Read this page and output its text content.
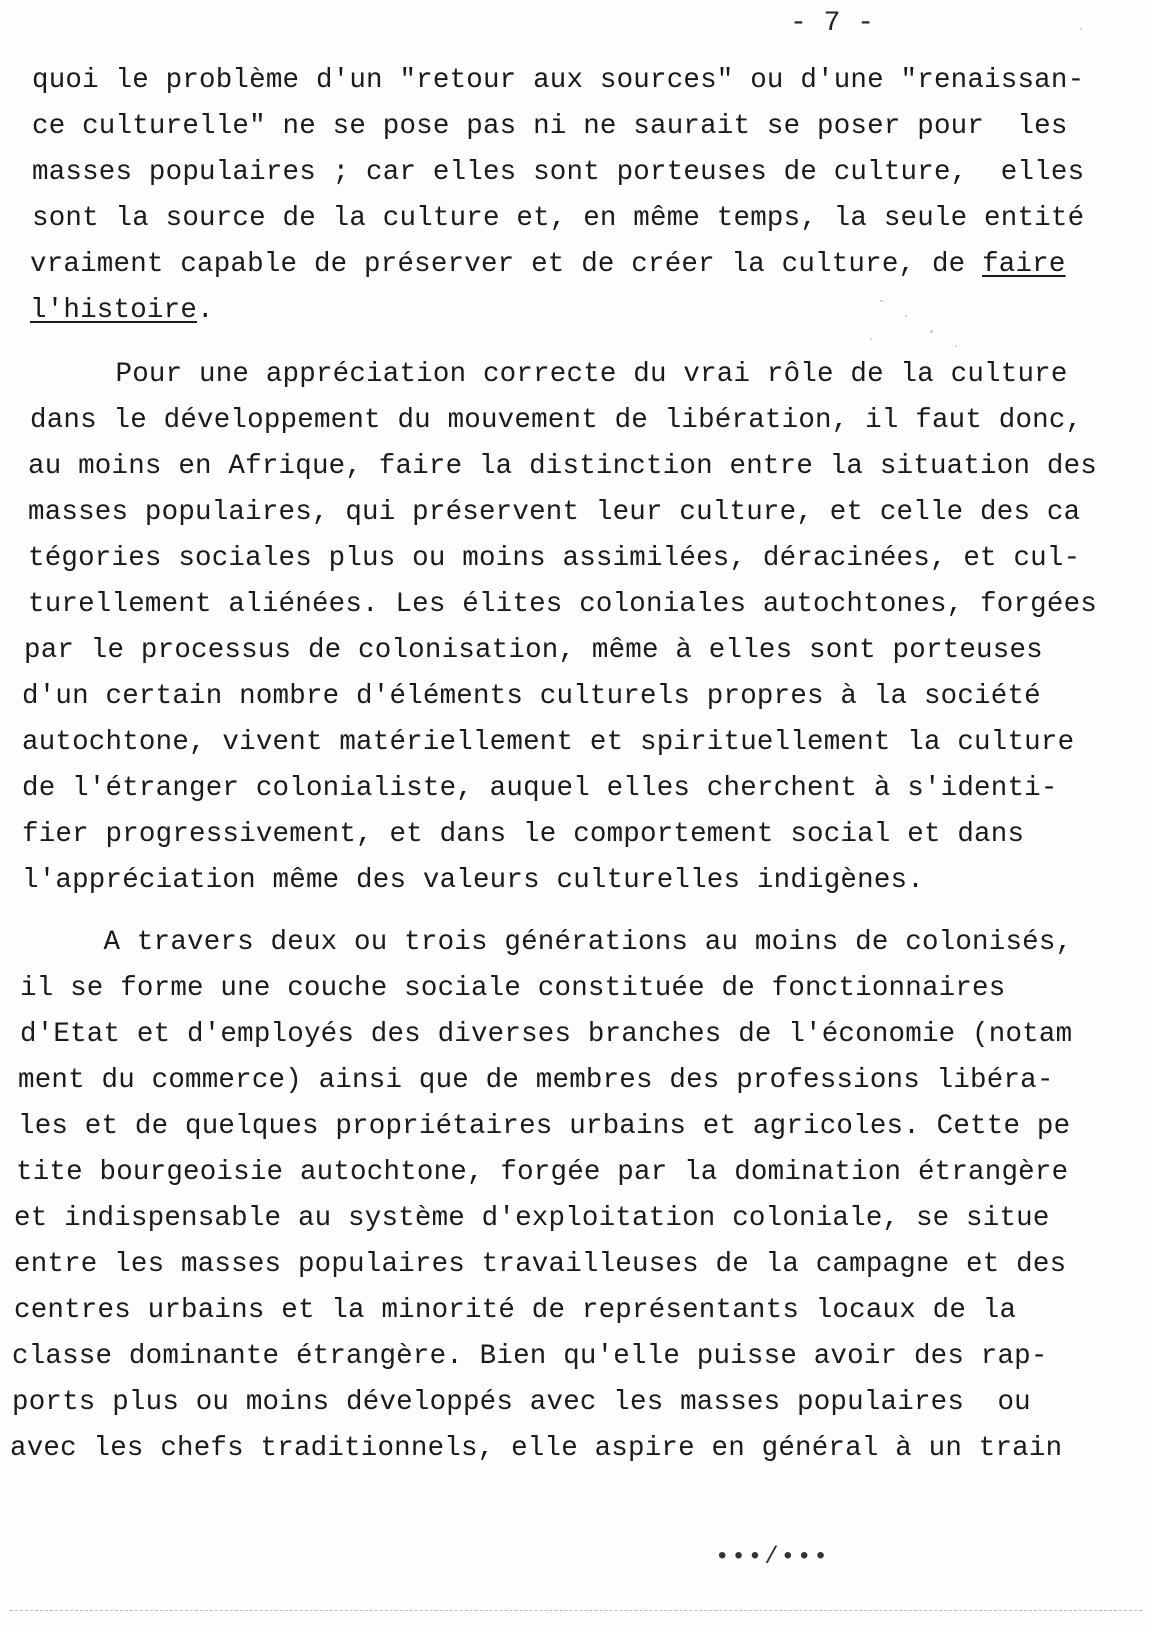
- 7 -
quoi le problème d'un "retour aux sources" ou d'une "renaissan-
ce culturelle" ne se pose pas ni ne saurait se poser pour  les
masses populaires ; car elles sont porteuses de culture,  elles
sont la source de la culture et, en même temps, la seule entité
vraiment capable de préserver et de créer la culture, de faire
l'histoire.
Pour une appréciation correcte du vrai rôle de la culture
dans le développement du mouvement de libération, il faut donc,
au moins en Afrique, faire la distinction entre la situation des
masses populaires, qui préservent leur culture, et celle des ca
tégories sociales plus ou moins assimilées, déracinées, et cul-
turellement aliénées. Les élites coloniales autochtones, forgées
par le processus de colonisation, même à elles sont porteuses
d'un certain nombre d'éléments culturels propres à la société
autochtone, vivent matériellement et spirituellement la culture
de l'étranger colonialiste, auquel elles cherchent à s'identi-
fier progressivement, et dans le comportement social et dans
l'appréciation même des valeurs culturelles indigènes.
A travers deux ou trois générations au moins de colonisés,
il se forme une couche sociale constituée de fonctionnaires
d'Etat et d'employés des diverses branches de l'économie (notam
ment du commerce) ainsi que de membres des professions libéra-
les et de quelques propriétaires urbains et agricoles. Cette pe
tite bourgeoisie autochtone, forgée par la domination étrangère
et indispensable au système d'exploitation coloniale, se situe
entre les masses populaires travailleuses de la campagne et des
centres urbains et la minorité de représentants locaux de la
classe dominante étrangère. Bien qu'elle puisse avoir des rap-
ports plus ou moins développés avec les masses populaires  ou
avec les chefs traditionnels, elle aspire en général à un train
•••/•••
